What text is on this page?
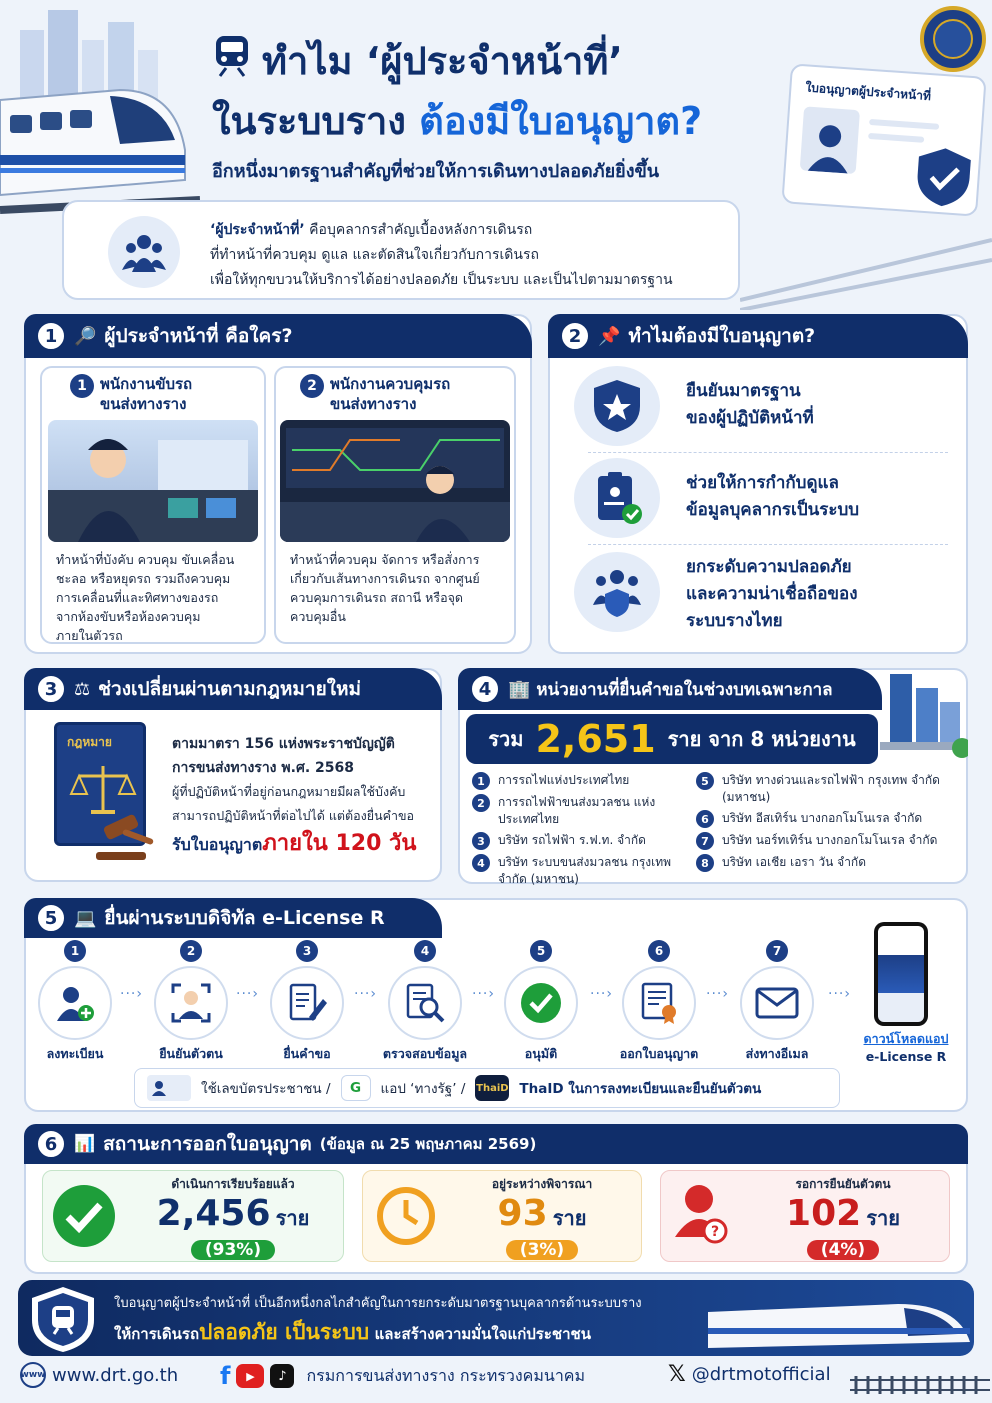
ทำไม ‘ผู้ประจำหน้าที่’
ในระบบราง ต้องมีใบอนุญาต?
อีกหนึ่งมาตรฐานสำคัญที่ช่วยให้การเดินทางปลอดภัยยิ่งขึ้น
ใบอนุญาตผู้ประจำหน้าที่
‘ผู้ประจำหน้าที่’ คือบุคลากรสำคัญเบื้องหลังการเดินรถ
ที่ทำหน้าที่ควบคุม ดูแล และตัดสินใจเกี่ยวกับการเดินรถ
เพื่อให้ทุกขบวนให้บริการได้อย่างปลอดภัย เป็นระบบ และเป็นไปตามมาตรฐาน
1 🔎 ผู้ประจำหน้าที่ คือใคร?
1 พนักงานขับรถ
ขนส่งทางราง
ทำหน้าที่บังคับ ควบคุม ขับเคลื่อน
ชะลอ หรือหยุดรถ รวมถึงควบคุม
การเคลื่อนที่และทิศทางของรถ
จากห้องขับหรือห้องควบคุม
ภายในตัวรถ
2 พนักงานควบคุมรถ
ขนส่งทางราง
ทำหน้าที่ควบคุม จัดการ หรือสั่งการ
เกี่ยวกับเส้นทางการเดินรถ จากศูนย์
ควบคุมการเดินรถ สถานี หรือจุด
ควบคุมอื่น
2 📌 ทำไมต้องมีใบอนุญาต?
ยืนยันมาตรฐาน
ของผู้ปฏิบัติหน้าที่
ช่วยให้การกำกับดูแล
ข้อมูลบุคลากรเป็นระบบ
ยกระดับความปลอดภัย
และความน่าเชื่อถือของ
ระบบรางไทย
3 ⚖ ช่วงเปลี่ยนผ่านตามกฎหมายใหม่
กฎหมาย	ตามมาตรา 156 แห่งพระราชบัญญัติ
การขนส่งทางราง พ.ศ. 2568
ผู้ที่ปฏิบัติหน้าที่อยู่ก่อนกฎหมายมีผลใช้บังคับ
สามารถปฏิบัติหน้าที่ต่อไปได้ แต่ต้องยื่นคำขอ
รับใบอนุญาตภายใน 120 วัน
4 🏢 หน่วยงานที่ยื่นคำขอในช่วงบทเฉพาะกาล
รวม 2,651 ราย จาก 8 หน่วยงาน
1	การรถไฟแห่งประเทศไทย
2	การรถไฟฟ้าขนส่งมวลชน แห่งประเทศไทย
3	บริษัท รถไฟฟ้า ร.ฟ.ท. จำกัด
4	บริษัท ระบบขนส่งมวลชน กรุงเทพ จำกัด (มหาชน)
5	บริษัท ทางด่วนและรถไฟฟ้า กรุงเทพ จำกัด (มหาชน)
6	บริษัท อีสเทิร์น บางกอกโมโนเรล จำกัด
7	บริษัท นอร์ทเทิร์น บางกอกโมโนเรล จำกัด
8	บริษัท เอเชีย เอรา วัน จำกัด
5 💻 ยื่นผ่านระบบดิจิทัล e-License R
1
ลงทะเบียน
···›
2
ยืนยันตัวตน
···›
3
ยื่นคำขอ
···›
4
ตรวจสอบข้อมูล
···›
5
อนุมัติ
···›
6
ออกใบอนุญาต
···›
7
ส่งทางอีเมล
···›
ดาวน์โหลดแอป
e-License R
ใช้เลขบัตรประชาชน /	G	แอป ‘ทางรัฐ’ / ThaiD ThaID ในการลงทะเบียนและยืนยันตัวตน
6 📊 สถานะการออกใบอนุญาต (ข้อมูล ณ 25 พฤษภาคม 2569)
ดำเนินการเรียบร้อยแล้ว
2,456 ราย
(93%)
อยู่ระหว่างพิจารณา
93 ราย
(3%)
?
รอการยืนยันตัวตน
102 ราย
(4%)
ใบอนุญาตผู้ประจำหน้าที่ เป็นอีกหนึ่งกลไกสำคัญในการยกระดับมาตรฐานบุคลากรด้านระบบราง
ให้การเดินรถปลอดภัย เป็นระบบ และสร้างความมั่นใจแก่ประชาชน
www www.drt.go.th f	▶	♪	กรมการขนส่งทางราง กระทรวงคมนาคม	𝕏 @drtmotofficial
